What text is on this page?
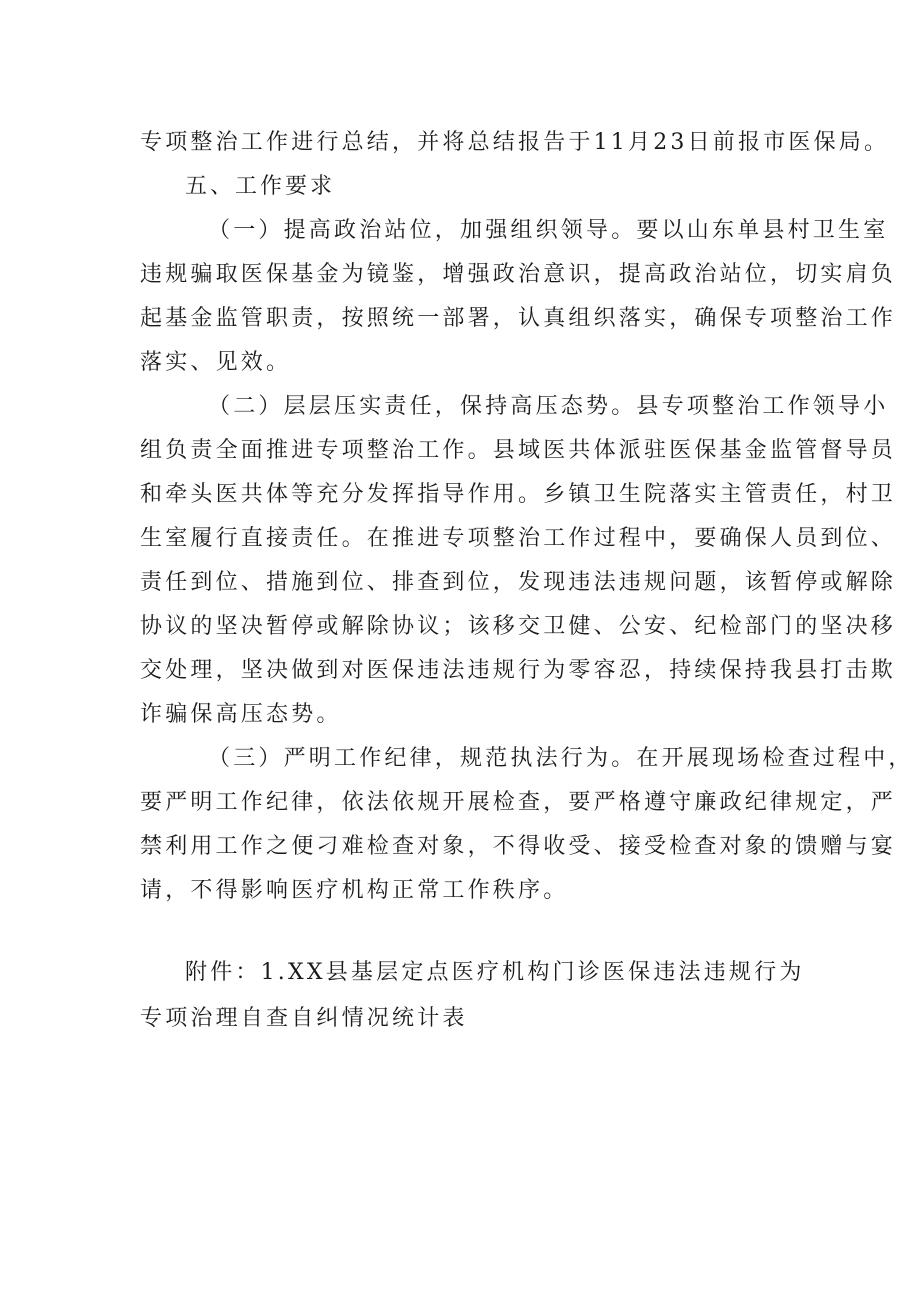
专项整治工作进行总结，并将总结报告于11月23日前报市医保局。
五、工作要求
（一）提高政治站位，加强组织领导。要以山东单县村卫生室
违规骗取医保基金为镜鉴，增强政治意识，提高政治站位，切实肩负
起基金监管职责，按照统一部署，认真组织落实，确保专项整治工作
落实、见效。
（二）层层压实责任，保持高压态势。县专项整治工作领导小
组负责全面推进专项整治工作。县域医共体派驻医保基金监管督导员
和牵头医共体等充分发挥指导作用。乡镇卫生院落实主管责任，村卫
生室履行直接责任。在推进专项整治工作过程中，要确保人员到位、
责任到位、措施到位、排查到位，发现违法违规问题，该暂停或解除
协议的坚决暂停或解除协议；该移交卫健、公安、纪检部门的坚决移
交处理，坚决做到对医保违法违规行为零容忍，持续保持我县打击欺
诈骗保高压态势。
（三）严明工作纪律，规范执法行为。在开展现场检查过程中，
要严明工作纪律，依法依规开展检查，要严格遵守廉政纪律规定，严
禁利用工作之便刁难检查对象，不得收受、接受检查对象的馈赠与宴
请，不得影响医疗机构正常工作秩序。
附件：1.XX县基层定点医疗机构门诊医保违法违规行为
专项治理自查自纠情况统计表
